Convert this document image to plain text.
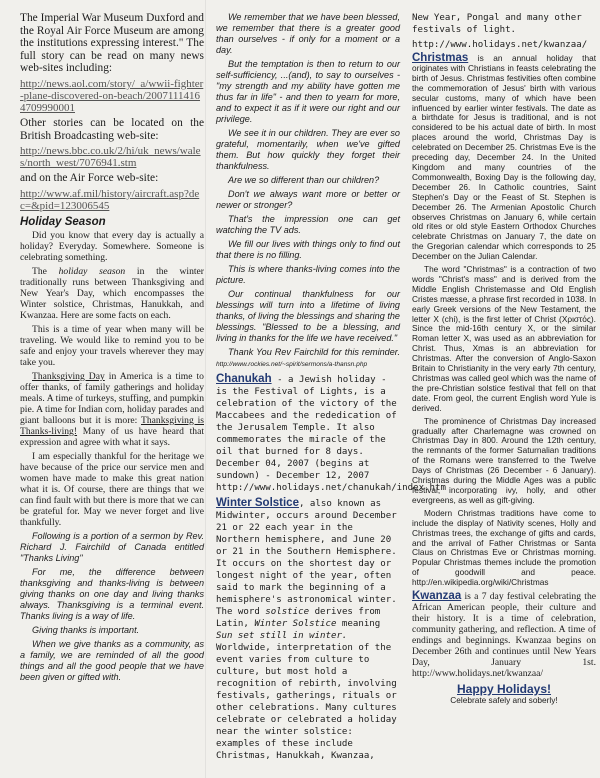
The Imperial War Museum Duxford and the Royal Air Force Museum are among the institutions expressing interest." The full story can be read on many news web-sites including:

http://news.aol.com/story/_a/wwii-fighter-plane-discovered-on-beach/20071114164709990001

Other stories can be located on the British Broadcasting web-site:

http://news.bbc.co.uk/2/hi/uk_news/wales/north_west/7076941.stm

and on the Air Force web-site:

http://www.af.mil/history/aircraft.asp?dec=&pid=123006545

Holiday Season

Did you know that every day is actually a holiday? Everyday. Somewhere. Someone is celebrating something.

The holiday season in the winter traditionally runs between Thanksgiving and New Year's Day, which encompasses the Winter solstice, Christmas, Hanukkah, and Kwanzaa. Here are some facts on each.

This is a time of year when many will be traveling. We would like to remind you to be safe and enjoy your travels wherever they may take you.

Thanksgiving Day in America is a time to offer thanks, of family gatherings and holiday meals. A time of turkeys, stuffing, and pumpkin pie. A time for Indian corn, holiday parades and giant balloons but it is more: Thanksgiving is Thanks-living! Many of us have heard that expression and agree with what it says.

I am especially thankful for the heritage we have because of the price our service men and women have made to make this great nation what it is. Of course, there are things that we can find fault with but there is more that we can be grateful for. May we never forget and live thankfully.

Following is a portion of a sermon by Rev. Richard J. Fairchild of Canada entitled "Thanks Living"

For me, the difference between thanksgiving and thanks-living is between giving thanks on one day and living thanks always. Thanksgiving is a terminal event. Thanks living is a way of life.

Giving thanks is important.

When we give thanks as a community, as a family, we are reminded of all the good things and all the good people that we have been given or gifted with.

We remember that we have been blessed, we remember that there is a greater good than ourselves - if only for a moment or a day.

But the temptation is then to return to our self-sufficiency, ...(and), to say to ourselves - "my strength and my ability have gotten me thus far in life" - and then to yearn for more, and to expect it as if it were our right and our privilege.

We see it in our children. They are ever so grateful, momentarily, when we've gifted them. But how quickly they forget their thankfulness.

Are we so different than our children?

Don't we always want more or better or newer or stronger?

That's the impression one can get watching the TV ads.

We fill our lives with things only to find out that there is no filling.

This is where thanks-living comes into the picture.

Our continual thankfulness for our blessings will turn into a lifetime of living thanks, of living the blessings and sharing the blessings. "Blessed to be a blessing, and living in thanks for the life we have received."

Thank You Rev Fairchild for this reminder. http://www.rockies.net/~spirit/sermons/a-thansn.php

Chanukah - a Jewish holiday - is the Festival of Lights, is a celebration of the victory of the Maccabees and the rededication of the Jerusalem Temple. It also commemorates the miracle of the oil that burned for 8 days. December 04, 2007 (begins at sundown) - December 12, 2007 http://www.holidays.net/chanukah/index.htm

Winter Solstice, also known as Midwinter, occurs around December 21 or 22 each year in the Northern hemisphere, and June 20 or 21 in the Southern Hemisphere. It occurs on the shortest day or longest night of the year, often said to mark the beginning of a hemisphere's astronomical winter. The word solstice derives from Latin, Winter Solstice meaning Sun set still in winter. Worldwide, interpretation of the event varies from culture to culture, but most hold a recognition of rebirth, involving festivals, gatherings, rituals or other celebrations. Many cultures celebrate or celebrated a holiday near the winter solstice: examples of these include Christmas, Hanukkah, Kwanzaa,

New Year, Pongal and many other festivals of light.

http://www.holidays.net/kwanzaa/

Christmas is an annual holiday that originates with Christians in feasts celebrating the birth of Jesus. Christmas festivities often combine the commemoration of Jesus' birth with various secular customs, many of which have been influenced by earlier winter festivals. The date as a birthdate for Jesus is traditional, and is not considered to be his actual date of birth. In most places around the world, Christmas Day is celebrated on December 25. Christmas Eve is the preceding day, December 24. In the United Kingdom and many countries of the Commonwealth, Boxing Day is the following day, December 26. In Catholic countries, Saint Stephen's Day or the Feast of St. Stephen is December 26. The Armenian Apostolic Church observes Christmas on January 6, while certain old rites or old style Eastern Orthodox Churches celebrate Christmas on January 7, the date on the Gregorian calendar which corresponds to 25 December on the Julian Calendar.

The word "Christmas" is a contraction of two words "Christ's mass" and is derived from the Middle English Christemasse and Old English Cristes mæsse, a phrase first recorded in 1038. In early Greek versions of the New Testament, the letter X (chi), is the first letter of Christ (Χριστός). Since the mid-16th century X, or the similar Roman letter X, was used as an abbreviation for Christ. Thus, Xmas is an abbreviation for Christmas. After the conversion of Anglo-Saxon Britain to Christianity in the very early 7th century, Christmas was called geol which was the name of the pre-Christian solstice festival that fell on that date. From geol, the current English word Yule is derived.

The prominence of Christmas Day increased gradually after Charlemagne was crowned on Christmas Day in 800. Around the 12th century, the remnants of the former Saturnalian traditions of the Romans were transferred to the Twelve Days of Christmas (26 December - 6 January). Christmas during the Middle Ages was a public festival, incorporating ivy, holly, and other evergreens, as well as gift-giving.

Modern Christmas traditions have come to include the display of Nativity scenes, Holly and Christmas trees, the exchange of gifts and cards, and the arrival of Father Christmas or Santa Claus on Christmas Eve or Christmas morning. Popular Christmas themes include the promotion of goodwill and peace. http://en.wikipedia.org/wiki/Christmas

Kwanzaa is a 7 day festival celebrating the African American people, their culture and their history. It is a time of celebration, community gathering, and reflection. A time of endings and beginnings. Kwanzaa begins on December 26th and continues until New Years Day, January 1st. http://www.holidays.net/kwanzaa/

Happy Holidays!
Celebrate safely and soberly!
